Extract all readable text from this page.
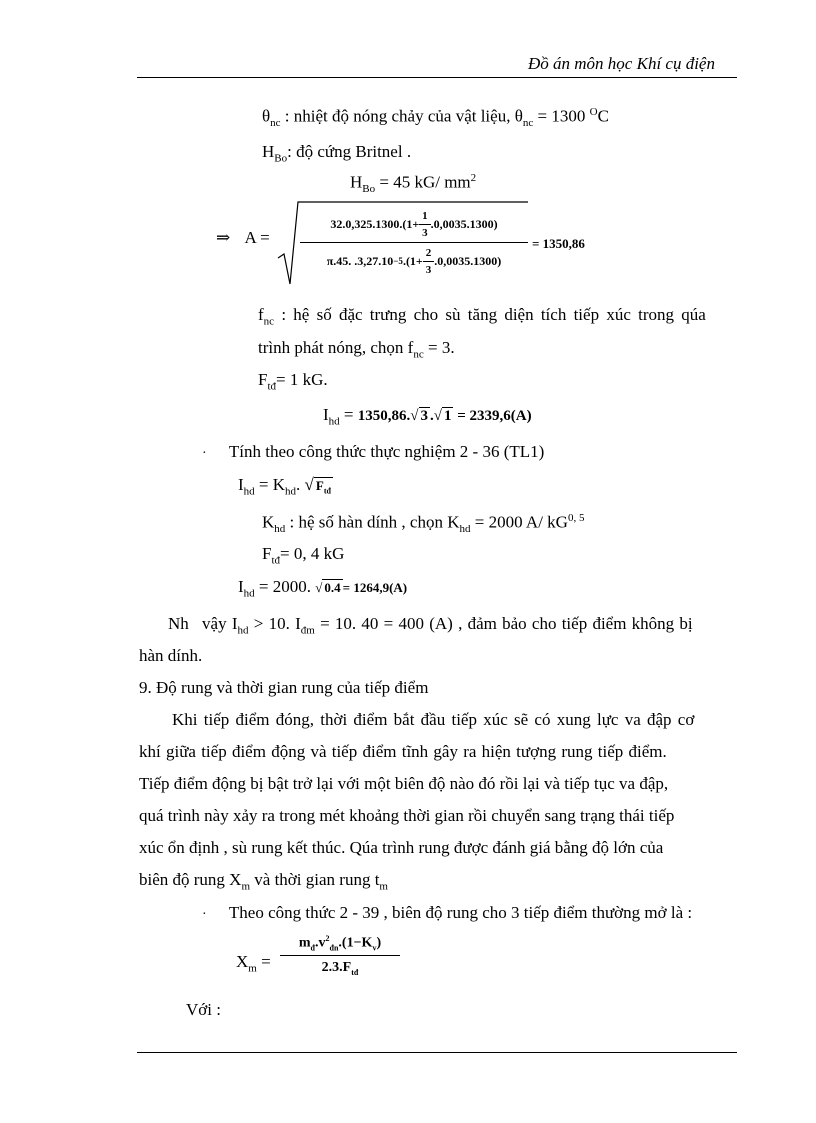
Đồ án môn học Khí cụ điện
$\theta_{nc}$ : nhiệt độ nóng chảy của vật liệu, $\theta_{nc} = 1300$ $^O$C
$H_{Bo}$: độ cứng Britnel .
$H_{Bo} = 45$ kG/ $mm^2$
⇒ A =
$32.0,325.1300.(1+ \frac{1}{3} .0,0035.1300)$
π.45. .3,27.10 −5 $.(1+ \frac{2}{3} .0,0035.1300)$
= 1350,86
$f_{nc}$ : hệ số đặc trưng cho sù tăng diện tích tiếp xúc trong qúa
trình phát nóng, chọn $f_{nc} = 3$.
$F_{tđ}= 1$ kG.
$I_{hd} = 1350,86.√$ 3 .√ 1 = 2339,6(A)
· Tính theo công thức thực nghiệm 2 - 36 (TL1)
$I_{hd} = K_{hd}$. √ $F_{tđ}$
$K_{hd}$ : hệ số hàn dính , chọn $K_{hd} = 2000$ A/ kG$^{0, 5}$
$F_{tđ}= 0$, 4 kG
$I_{hd} = 2000$. √ 0.4 = 1264,9(A)
Nh vậy $I_{hd} > 10$. $I_{đm} = 10$. 40 = 400 (A) , đảm bảo cho tiếp điểm không bị
hàn dính.
9. Độ rung và thời gian rung của tiếp điểm
Khi tiếp điểm đóng, thời điểm bắt đầu tiếp xúc sẽ có xung lực va đập cơ
khí giữa tiếp điểm động và tiếp điểm tĩnh gây ra hiện tượng rung tiếp điểm.
Tiếp điểm động bị bật trở lại với một biên độ nào đó rồi lại và tiếp tục va đập,
quá trình này xảy ra trong mét khoảng thời gian rồi chuyển sang trạng thái tiếp
xúc ổn định , sù rung kết thúc. Qúa trình rung được đánh giá bằng độ lớn của
biên độ rung $X_m$ và thời gian rung $t_m$
· Theo công thức 2 - 39 , biên độ rung cho 3 tiếp điểm thường mở là :
$X_m$ =
$m_đ.v^2_{đn}.(1-K_v)$
$2.3.F_{tđ}$
Với :
